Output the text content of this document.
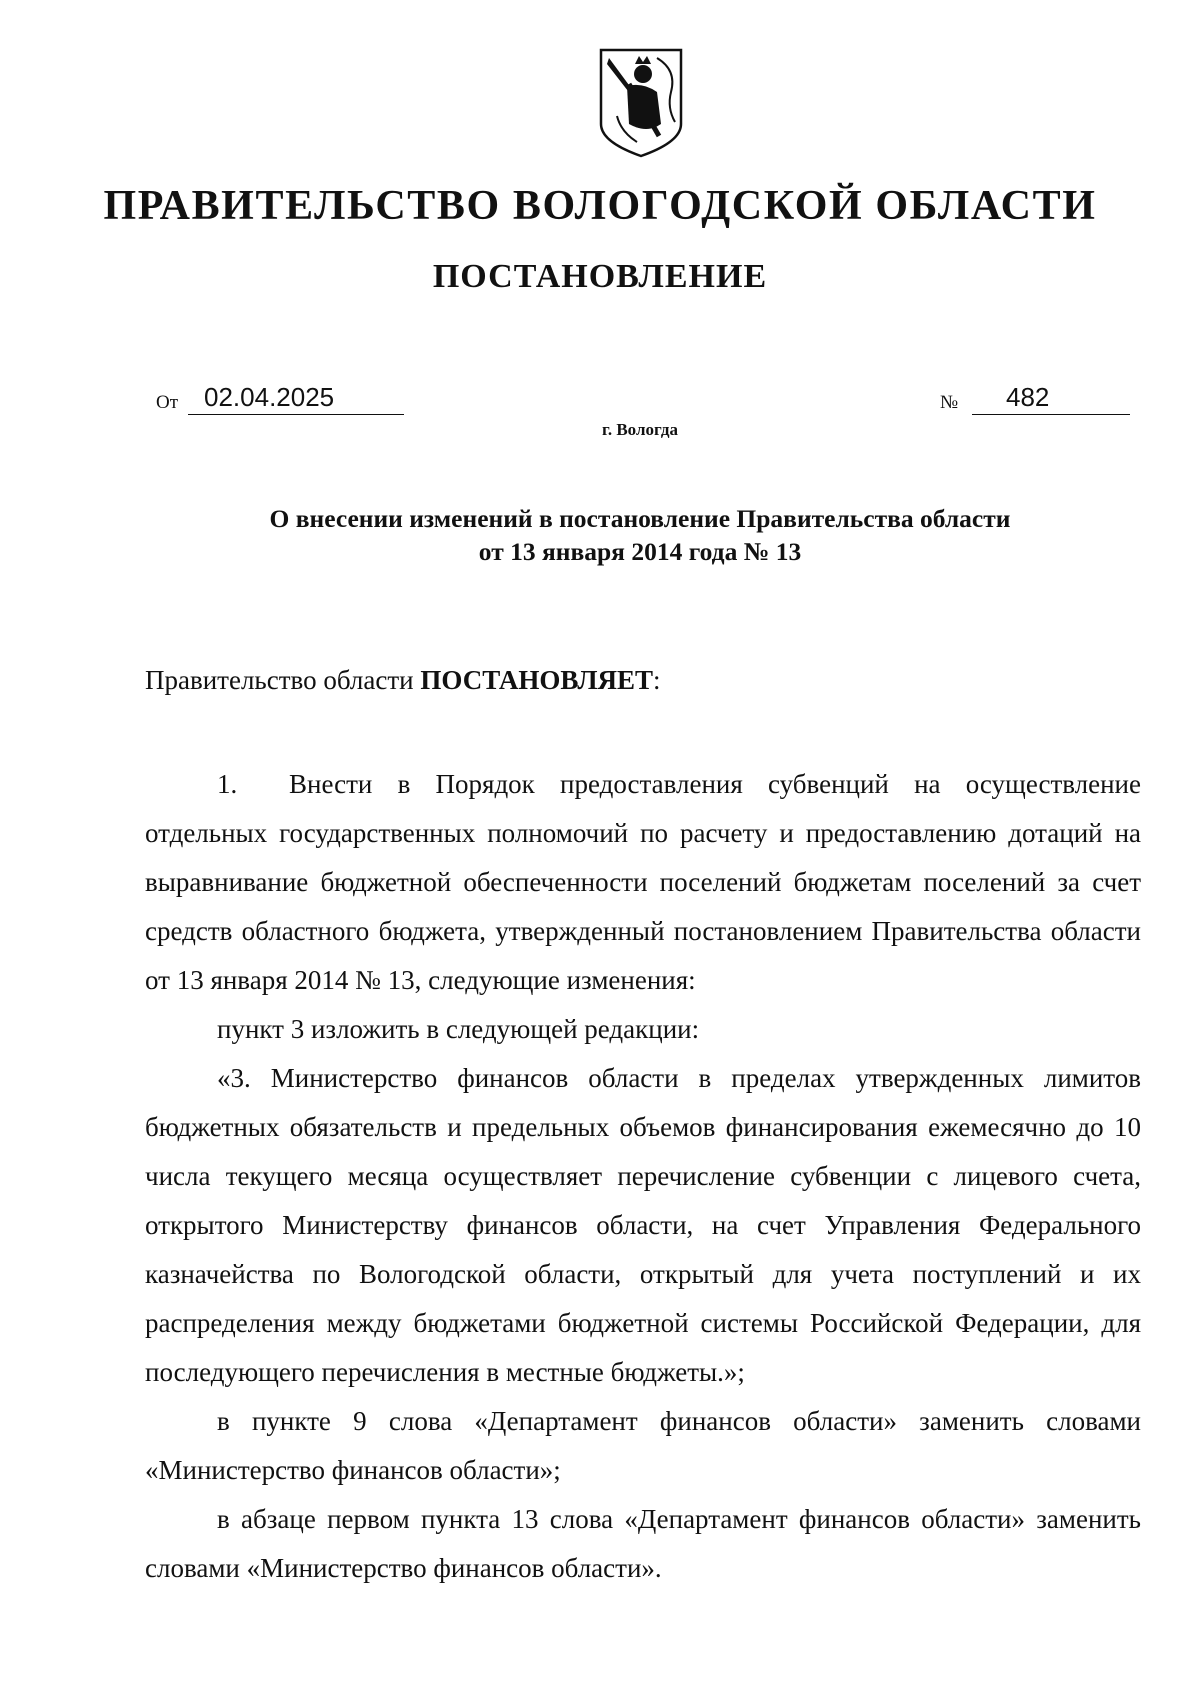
ПРАВИТЕЛЬСТВО ВОЛОГОДСКОЙ ОБЛАСТИ
ПОСТАНОВЛЕНИЕ
От 02.04.2025	№	482
г. Вологда
О внесении изменений в постановление Правительства области
от 13 января 2014 года № 13
Правительство области ПОСТАНОВЛЯЕТ:

1. Внести в Порядок предоставления субвенций на осуществление отдельных государственных полномочий по расчету и предоставлению дотаций на выравнивание бюджетной обеспеченности поселений бюджетам поселений за счет средств областного бюджета, утвержденный постановлением Правительства области от 13 января 2014 № 13, следующие изменения:

пункт 3 изложить в следующей редакции:

«3. Министерство финансов области в пределах утвержденных лимитов бюджетных обязательств и предельных объемов финансирования ежемесячно до 10 числа текущего месяца осуществляет перечисление субвенции с лицевого счета, открытого Министерству финансов области, на счет Управления Федерального казначейства по Вологодской области, открытый для учета поступлений и их распределения между бюджетами бюджетной системы Российской Федерации, для последующего перечисления в местные бюджеты.»;

в пункте 9 слова «Департамент финансов области» заменить словами «Министерство финансов области»;

в абзаце первом пункта 13 слова «Департамент финансов области» заменить словами «Министерство финансов области».
